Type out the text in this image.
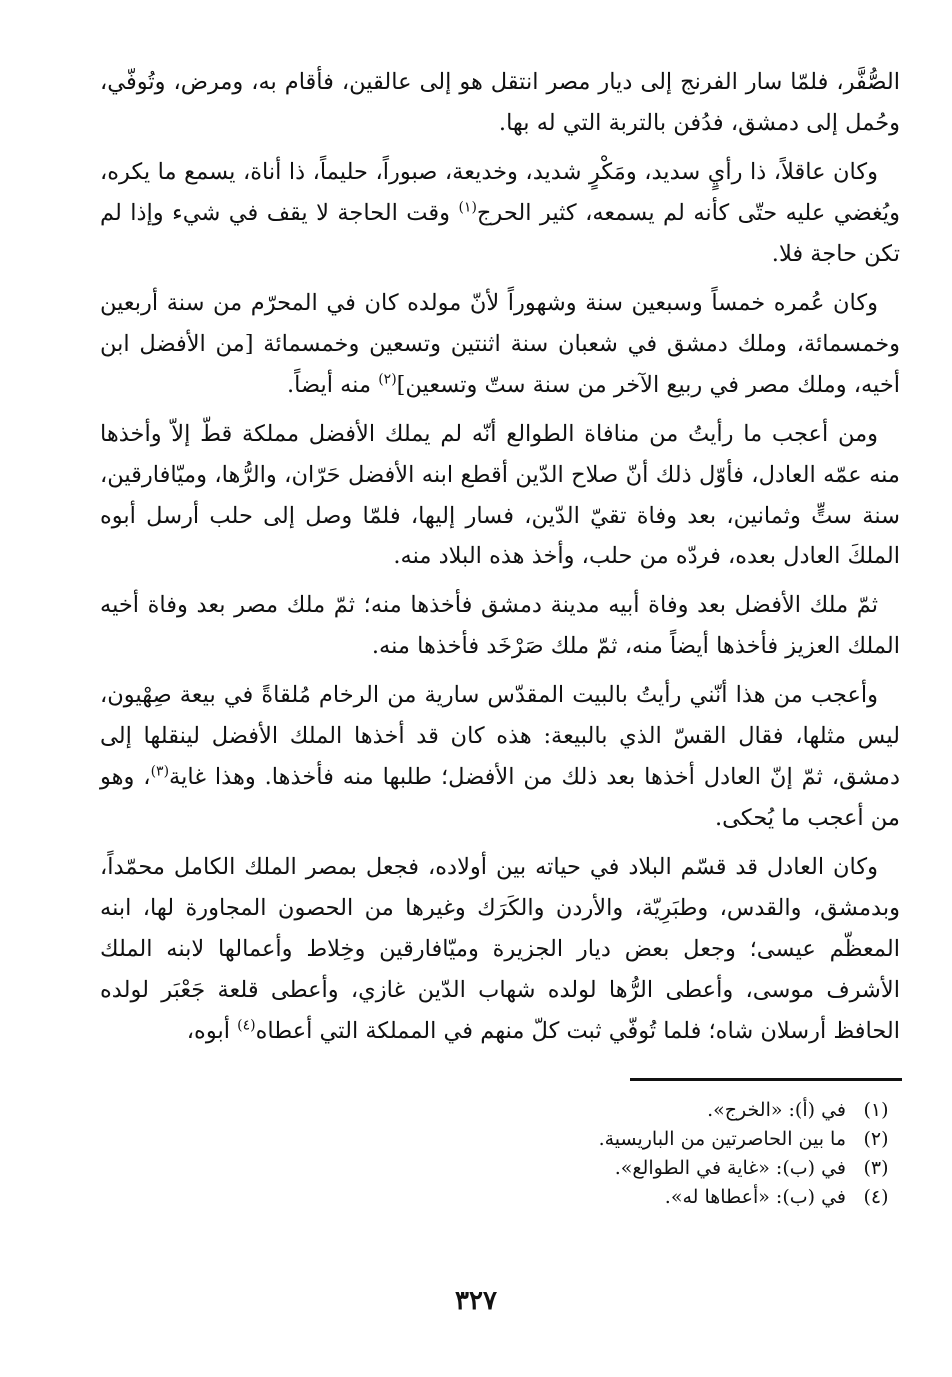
الصُّفَّر، فلمّا سار الفرنج إلى ديار مصر انتقل هو إلى عالقين، فأقام به، ومرض، وتُوفّي، وحُمل إلى دمشق، فدُفن بالتربة التي له بها.

وكان عاقلاً، ذا رأيٍ سديد، ومَكْرٍ شديد، وخديعة، صبوراً، حليماً، ذا أناة، يسمع ما يكره، ويُغضي عليه حتّى كأنه لم يسمعه، كثير الحرج$^{(١)}$ وقت الحاجة لا يقف في شيء وإذا لم تكن حاجة فلا.

وكان عُمره خمساً وسبعين سنة وشهوراً لأنّ مولده كان في المحرّم من سنة أربعين وخمسمائة، وملك دمشق في شعبان سنة اثنتين وتسعين وخمسمائة [من الأفضل ابن أخيه، وملك مصر في ربيع الآخر من سنة ستّ وتسعين]$^{(٢)}$ منه أيضاً.

ومن أعجب ما رأيتُ من منافاة الطوالع أنّه لم يملك الأفضل مملكة قطّ إلاّ وأخذها منه عمّه العادل، فأوّل ذلك أنّ صلاح الدّين أقطع ابنه الأفضل حَرّان، والرُّها، وميّافارقين، سنة ستٍّ وثمانين، بعد وفاة تقيّ الدّين، فسار إليها، فلمّا وصل إلى حلب أرسل أبوه الملكَ العادل بعده، فردّه من حلب، وأخذ هذه البلاد منه.

ثمّ ملك الأفضل بعد وفاة أبيه مدينة دمشق فأخذها منه؛ ثمّ ملك مصر بعد وفاة أخيه الملك العزيز فأخذها أيضاً منه، ثمّ ملك صَرْخَد فأخذها منه.

وأعجب من هذا أنّني رأيتُ بالبيت المقدّس سارية من الرخام مُلقاةً في بيعة صِهْيون، ليس مثلها، فقال القسّ الذي بالبيعة: هذه كان قد أخذها الملك الأفضل لينقلها إلى دمشق، ثمّ إنّ العادل أخذها بعد ذلك من الأفضل؛ طلبها منه فأخذها. وهذا غاية$^{(٣)}$، وهو من أعجب ما يُحكى.

وكان العادل قد قسّم البلاد في حياته بين أولاده، فجعل بمصر الملك الكامل محمّداً، وبدمشق، والقدس، وطبَرِيّة، والأردن والكَرَك وغيرها من الحصون المجاورة لها، ابنه المعظّم عيسى؛ وجعل بعض ديار الجزيرة وميّافارقين وخِلاط وأعمالها لابنه الملك الأشرف موسى، وأعطى الرُّها لولده شهاب الدّين غازي، وأعطى قلعة جَعْبَر لولده الحافظ أرسلان شاه؛ فلما تُوفّي ثبت كلّ منهم في المملكة التي أعطاه$^{(٤)}$ أبوه،

(١)
في (أ): «الخرج».
(٢)
ما بين الحاصرتين من الباريسية.
(٣)
في (ب): «غاية في الطوالع».
(٤)
في (ب): «أعطاها له».
٣٢٧
